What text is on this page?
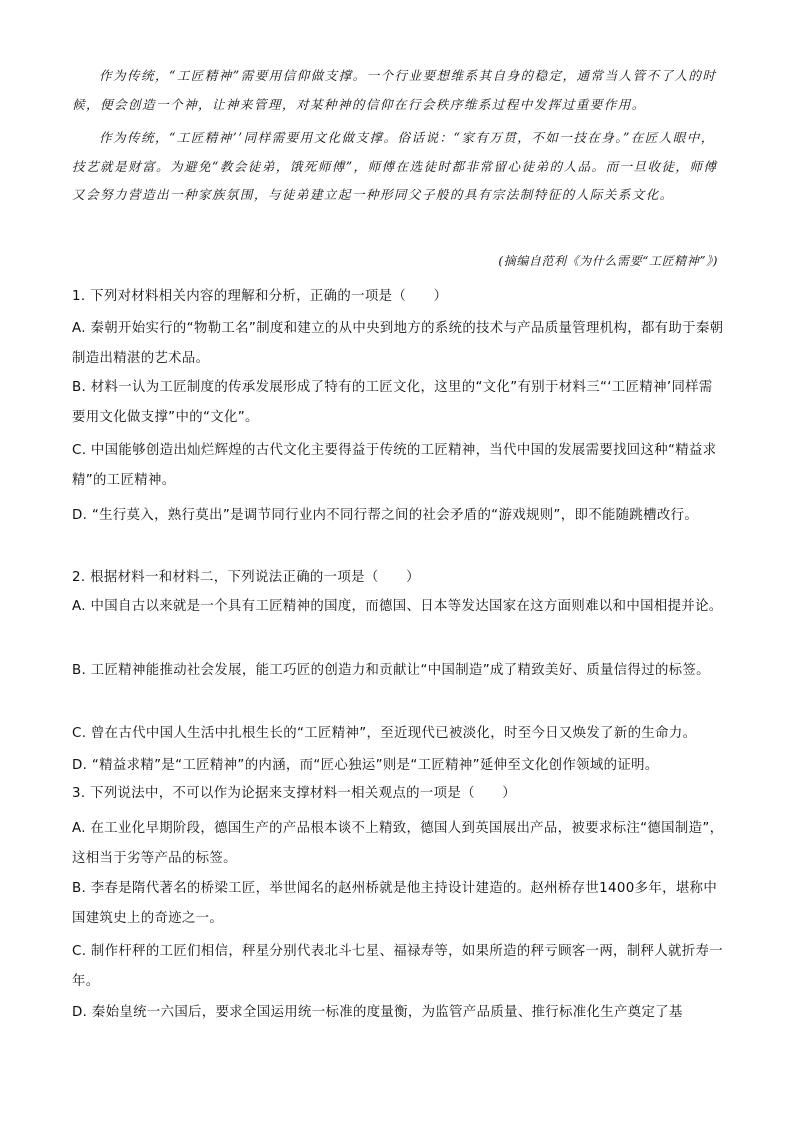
作为传统，“工匠精神”需要用信仰做支撑。一个行业要想维系其自身的稳定，通常当人管不了人的时候，便会创造一个神，让神来管理，对某种神的信仰在行会秩序维系过程中发挥过重要作用。
作为传统，“工匠精神’’同样需要用文化做支撑。俗话说：“家有万贯，不如一技在身。”在匠人眼中，技艺就是财富。为避免“教会徒弟，饿死师傅”，师傅在选徒时都非常留心徒弟的人品。而一旦收徒，师傅又会努力营造出一种家族氛围，与徒弟建立起一种形同父子般的具有宗法制特征的人际关系文化。
(摘编自范利《为什么需要“工匠精神”》)
1. 下列对材料相关内容的理解和分析，正确的一项是（　　）
A. 秦朝开始实行的“物勒工名”制度和建立的从中央到地方的系统的技术与产品质量管理机构，都有助于秦朝制造出精湛的艺术品。
B. 材料一认为工匠制度的传承发展形成了特有的工匠文化，这里的“文化”有别于材料三“‘工匠精神’同样需要用文化做支撑”中的“文化”。
C. 中国能够创造出灿烂辉煌的古代文化主要得益于传统的工匠精神，当代中国的发展需要找回这种“精益求精”的工匠精神。
D. “生行莫入，熟行莫出”是调节同行业内不同行帮之间的社会矛盾的“游戏规则”，即不能随跳槽改行。
2. 根据材料一和材料二，下列说法正确的一项是（　　）
A. 中国自古以来就是一个具有工匠精神的国度，而德国、日本等发达国家在这方面则难以和中国相提并论。
B. 工匠精神能推动社会发展，能工巧匠的创造力和贡献让“中国制造”成了精致美好、质量信得过的标签。
C. 曾在古代中国人生活中扎根生长的“工匠精神”，至近现代已被淡化，时至今日又焕发了新的生命力。
D. “精益求精”是“工匠精神”的内涵，而“匠心独运”则是“工匠精神”延伸至文化创作领域的证明。
3. 下列说法中，不可以作为论据来支撑材料一相关观点的一项是（　　）
A. 在工业化早期阶段，德国生产的产品根本谈不上精致，德国人到英国展出产品，被要求标注“德国制造”，这相当于劣等产品的标签。
B. 李春是隋代著名的桥梁工匠，举世闻名的赵州桥就是他主持设计建造的。赵州桥存世1400多年，堪称中国建筑史上的奇迹之一。
C. 制作杆秤的工匠们相信，秤星分别代表北斗七星、福禄寿等，如果所造的秤亏顾客一两，制秤人就折寿一年。
D. 秦始皇统一六国后，要求全国运用统一标准的度量衡，为监管产品质量、推行标准化生产奠定了基
